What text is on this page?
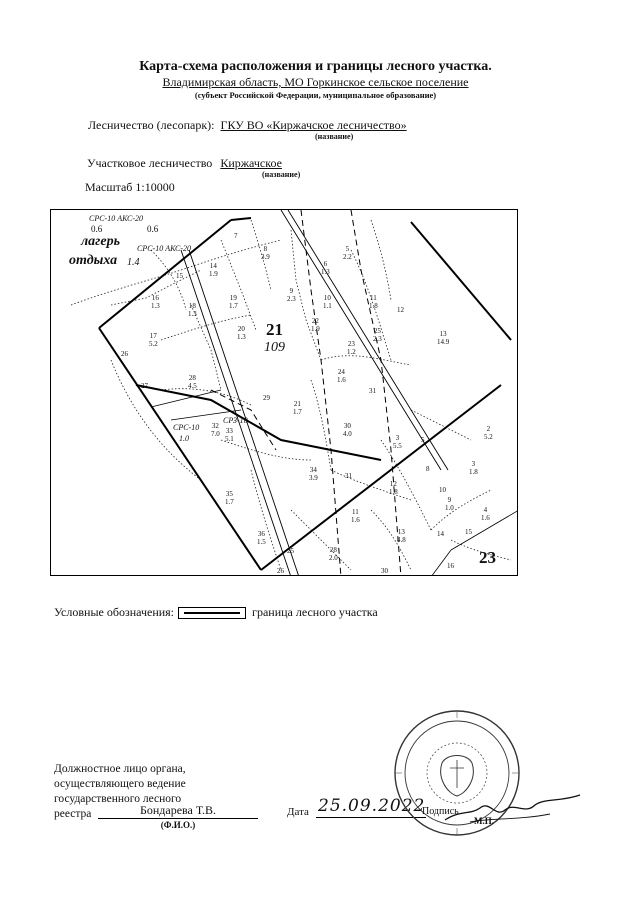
Карта-схема расположения и границы лесного участка.
Владимирская область, МО Горкинское сельское поселение
(субъект Российской Федерации, муниципальное образование)
Лесничество (лесопарк): ГКУ ВО «Киржачское лесничество»
(название)
Участковое лесничество Киржачское
(название)
Масштаб 1:10000
21
109
23
лагерь
отдыха 1.4
СРС-10 АКС-20
0.6	0.6
СРС-10 АКС-20
СРС-10
1.0
СРЗ-10
7
8
3.9
5
2.2
14
1.9
15
6
1.3
16
1.3	18
1.3
19
1.7
9
2.3	10
1.1
11
1.8	12
17
5.2
20
1.3
22
1.9	25
2.3
13
14.9
23
1.2
24
1.6
28
4.5
26
27
31
29
21
1.7
30
4.0	3
5.5
2
5.2
32
7.0 33
5.1	5
8
3
1.8
34
3.9	31
12
1.8	10
9
1.0
35
1.7
11
1.6
4
1.6
13
4.8
14	15
36
1.5
25	28
2.0
26
16
30
Условные обозначения:	граница лесного участка
Должностное лицо органа,
осуществляющего ведение
государственного лесного
реестра	Бондарева Т.В.
(Ф.И.О.)
Дата 25.09.2022
Подпись
М.П.
